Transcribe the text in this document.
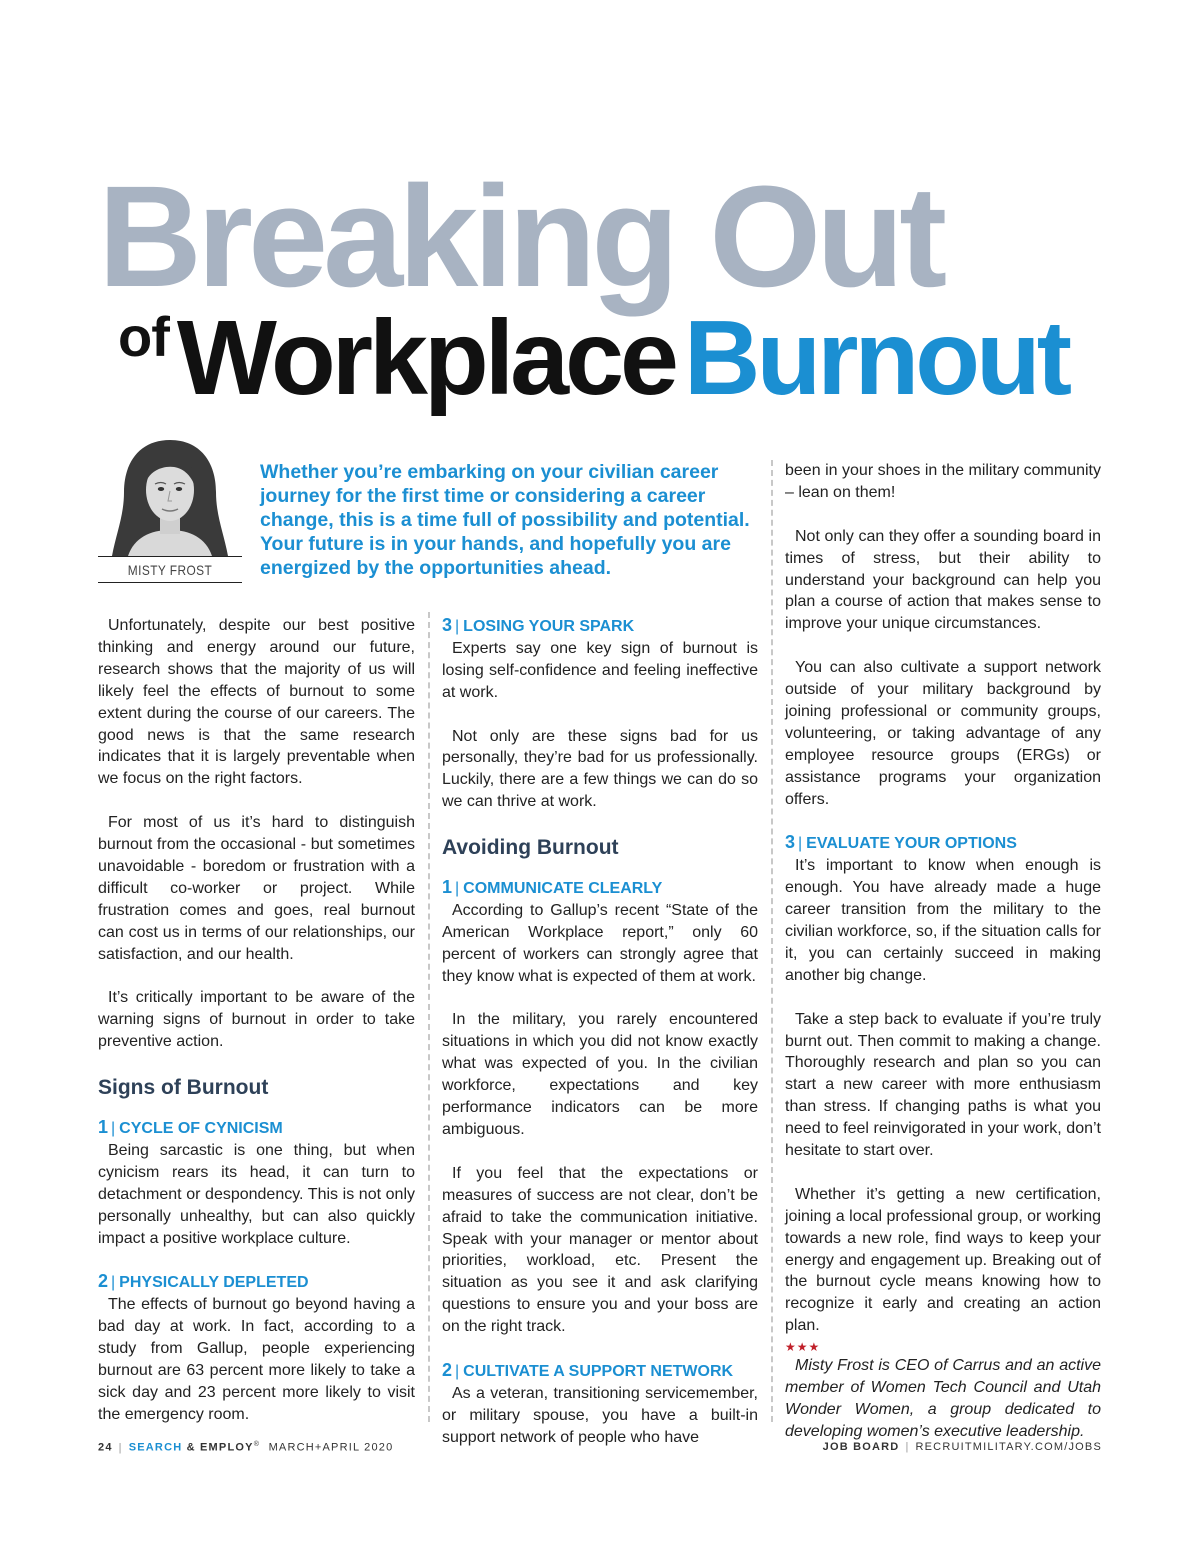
Breaking Out
ofWorkplace Burnout
MISTY FROST

Whether you’re embarking on your civilian career journey for the first time or considering a career change, this is a time full of possibility and potential. Your future is in your hands, and hopefully you are energized by the opportunities ahead.

Unfortunately, despite our best positive thinking and energy around our future, research shows that the majority of us will likely feel the effects of burnout to some extent during the course of our careers. The good news is that the same research indicates that it is largely preventable when we focus on the right factors.

For most of us it’s hard to distinguish burnout from the occasional - but sometimes unavoidable - boredom or frustration with a difficult co-worker or project. While frustration comes and goes, real burnout can cost us in terms of our relationships, our satisfaction, and our health.

It’s critically important to be aware of the warning signs of burnout in order to take preventive action.

Signs of Burnout
1 | CYCLE OF CYNICISM

Being sarcastic is one thing, but when cynicism rears its head, it can turn to detachment or despondency. This is not only personally unhealthy, but can also quickly impact a positive workplace culture.

2 | PHYSICALLY DEPLETED

The effects of burnout go beyond having a bad day at work. In fact, according to a study from Gallup, people experiencing burnout are 63 percent more likely to take a sick day and 23 percent more likely to visit the emergency room.

3 | LOSING YOUR SPARK

Experts say one key sign of burnout is losing self-confidence and feeling ineffective at work.

Not only are these signs bad for us personally, they’re bad for us professionally. Luckily, there are a few things we can do so we can thrive at work.

Avoiding Burnout
1 | COMMUNICATE CLEARLY

According to Gallup’s recent “State of the American Workplace report,” only 60 percent of workers can strongly agree that they know what is expected of them at work.

In the military, you rarely encountered situations in which you did not know exactly what was expected of you. In the civilian workforce, expectations and key performance indicators can be more ambiguous.

If you feel that the expectations or measures of success are not clear, don’t be afraid to take the communication initiative. Speak with your manager or mentor about priorities, workload, etc. Present the situation as you see it and ask clarifying questions to ensure you and your boss are on the right track.

2 | CULTIVATE A SUPPORT NETWORK

As a veteran, transitioning servicemember, or military spouse, you have a built-in support network of people who have

been in your shoes in the military community – lean on them!

Not only can they offer a sounding board in times of stress, but their ability to understand your background can help you plan a course of action that makes sense to improve your unique circumstances.

You can also cultivate a support network outside of your military background by joining professional or community groups, volunteering, or taking advantage of any employee resource groups (ERGs) or assistance programs your organization offers.

3 | EVALUATE YOUR OPTIONS

It’s important to know when enough is enough. You have already made a huge career transition from the military to the civilian workforce, so, if the situation calls for it, you can certainly succeed in making another big change.

Take a step back to evaluate if you’re truly burnt out. Then commit to making a change. Thoroughly research and plan so you can start a new career with more enthusiasm than stress. If changing paths is what you need to feel reinvigorated in your work, don’t hesitate to start over.

Whether it’s getting a new certification, joining a local professional group, or working towards a new role, find ways to keep your energy and engagement up. Breaking out of the burnout cycle means knowing how to recognize it early and creating an action plan.

★★★

Misty Frost is CEO of Carrus and an active member of Women Tech Council and Utah Wonder Women, a group dedicated to developing women’s executive leadership.

24 | SEARCH & EMPLOY® MARCH+APRIL 2020	JOB BOARD | RECRUITMILITARY.COM/JOBS
